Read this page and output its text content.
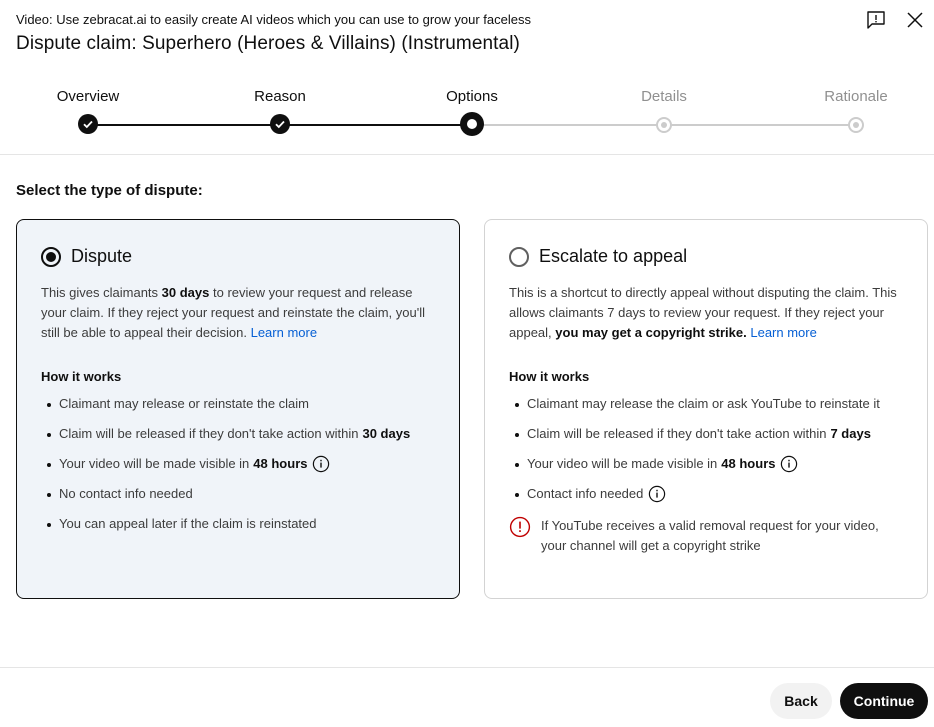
Video: Use zebracat.ai to easily create AI videos which you can use to grow your faceless
Dispute claim: Superhero (Heroes & Villains) (Instrumental)
Overview	Reason	Options	Details	Rationale
Select the type of dispute:
Dispute
This gives claimants 30 days to review your request and release your claim. If they reject your request and reinstate the claim, you'll still be able to appeal their decision. Learn more
How it works
Claimant may release or reinstate the claim
Claim will be released if they don't take action within 30 days
Your video will be made visible in 48 hours
No contact info needed
You can appeal later if the claim is reinstated
Escalate to appeal
This is a shortcut to directly appeal without disputing the claim. This allows claimants 7 days to review your request. If they reject your appeal, you may get a copyright strike. Learn more
How it works
Claimant may release the claim or ask YouTube to reinstate it
Claim will be released if they don't take action within 7 days
Your video will be made visible in 48 hours
Contact info needed
If YouTube receives a valid removal request for your video, your channel will get a copyright strike
Back	Continue
